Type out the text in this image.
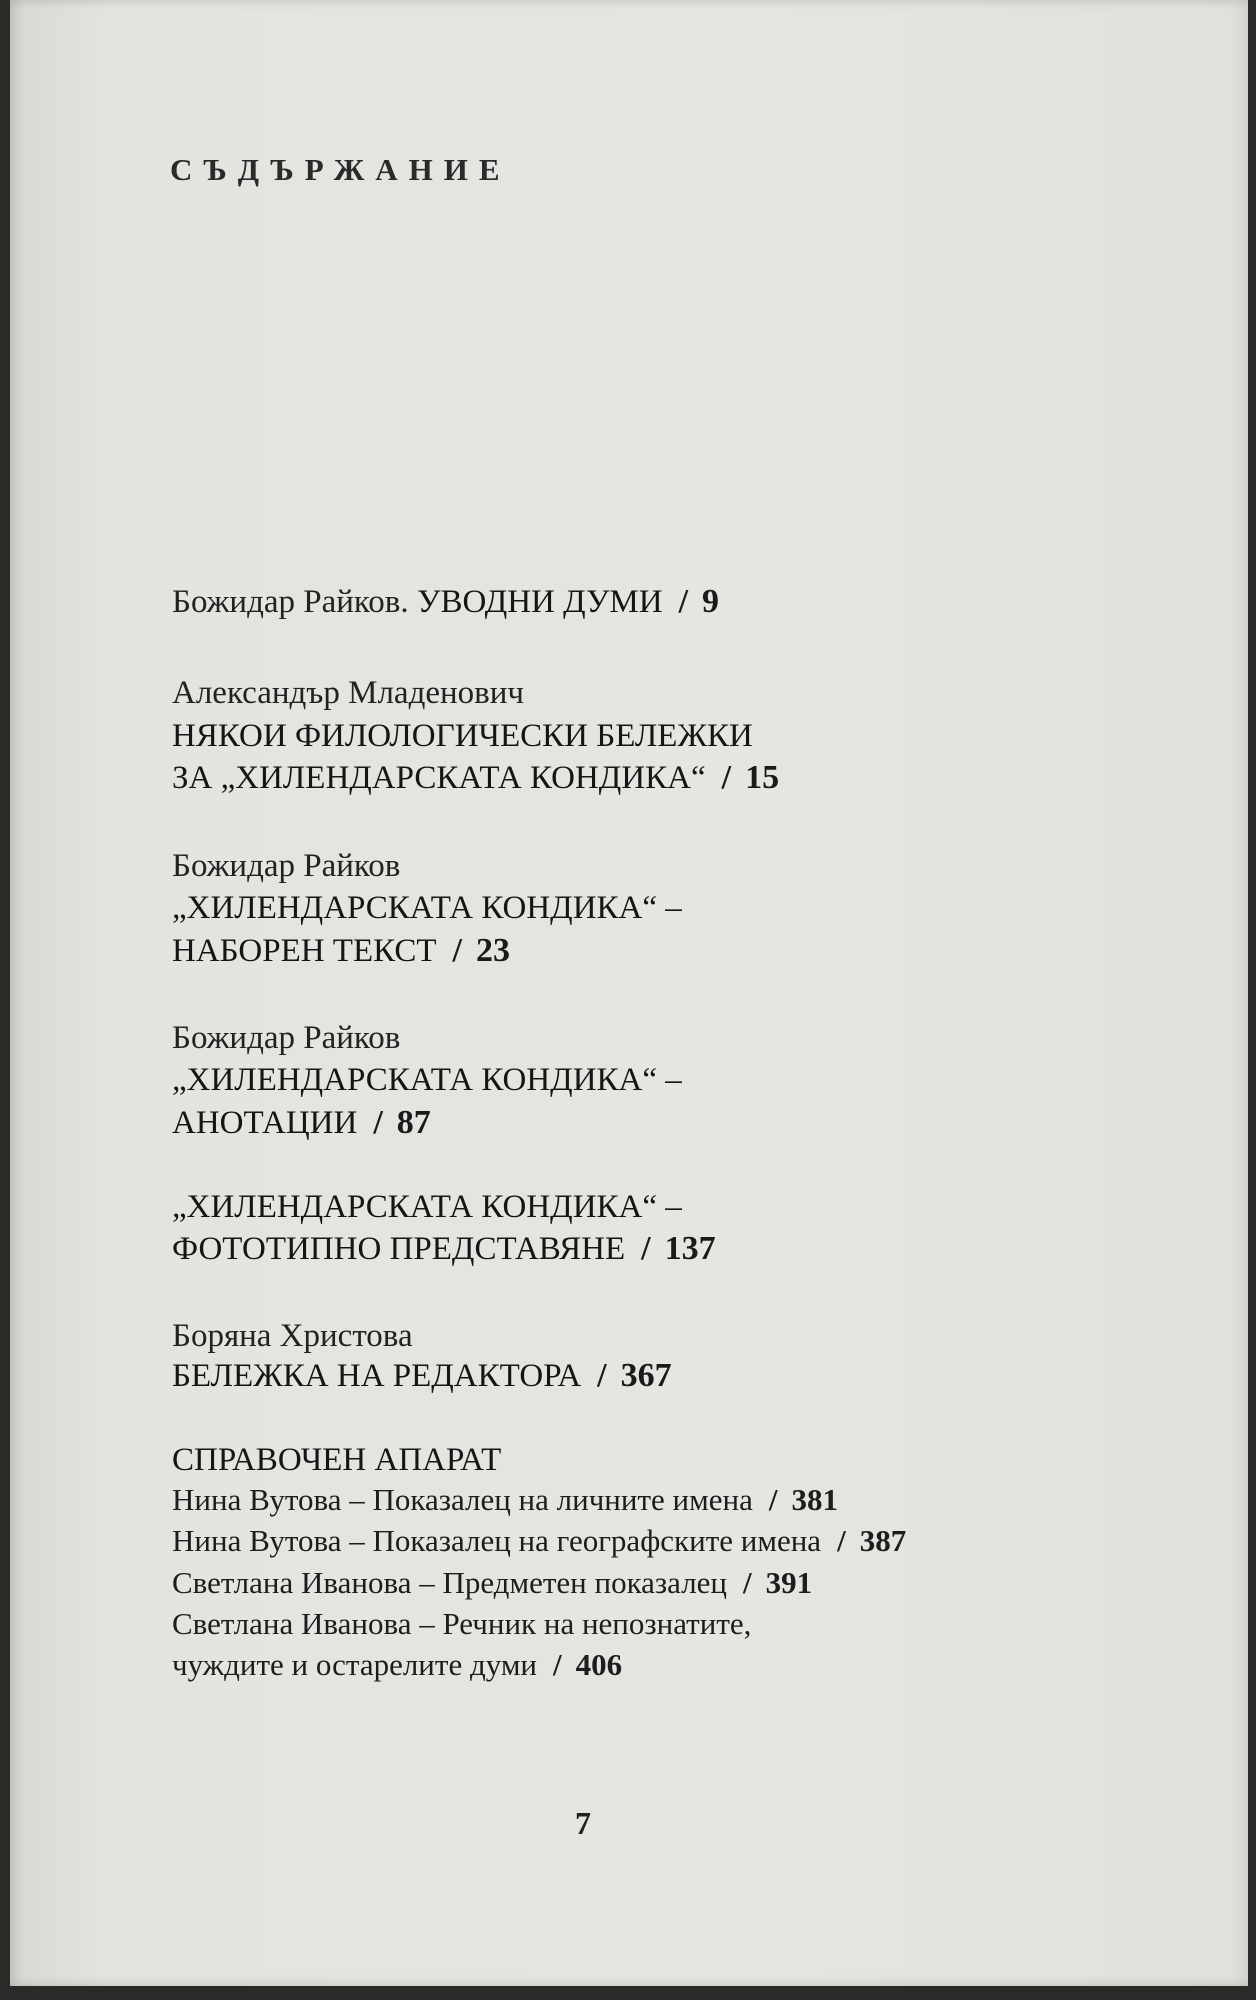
СЪДЪРЖАНИЕ
Божидар Райков. УВОДНИ ДУМИ / 9
Александър Младенович
НЯКОИ ФИЛОЛОГИЧЕСКИ БЕЛЕЖКИ
ЗА „ХИЛЕНДАРСКАТА КОНДИКА“ / 15
Божидар Райков
„ХИЛЕНДАРСКАТА КОНДИКА“ –
НАБОРЕН ТЕКСТ / 23
Божидар Райков
„ХИЛЕНДАРСКАТА КОНДИКА“ –
АНОТАЦИИ / 87
„ХИЛЕНДАРСКАТА КОНДИКА“ –
ФОТОТИПНО ПРЕДСТАВЯНЕ / 137
Боряна Христова
БЕЛЕЖКА НА РЕДАКТОРА / 367
СПРАВОЧЕН АПАРАТ
Нина Вутова – Показалец на личните имена / 381
Нина Вутова – Показалец на географските имена / 387
Светлана Иванова – Предметен показалец / 391
Светлана Иванова – Речник на непознатите,
чуждите и остарелите думи / 406
7
